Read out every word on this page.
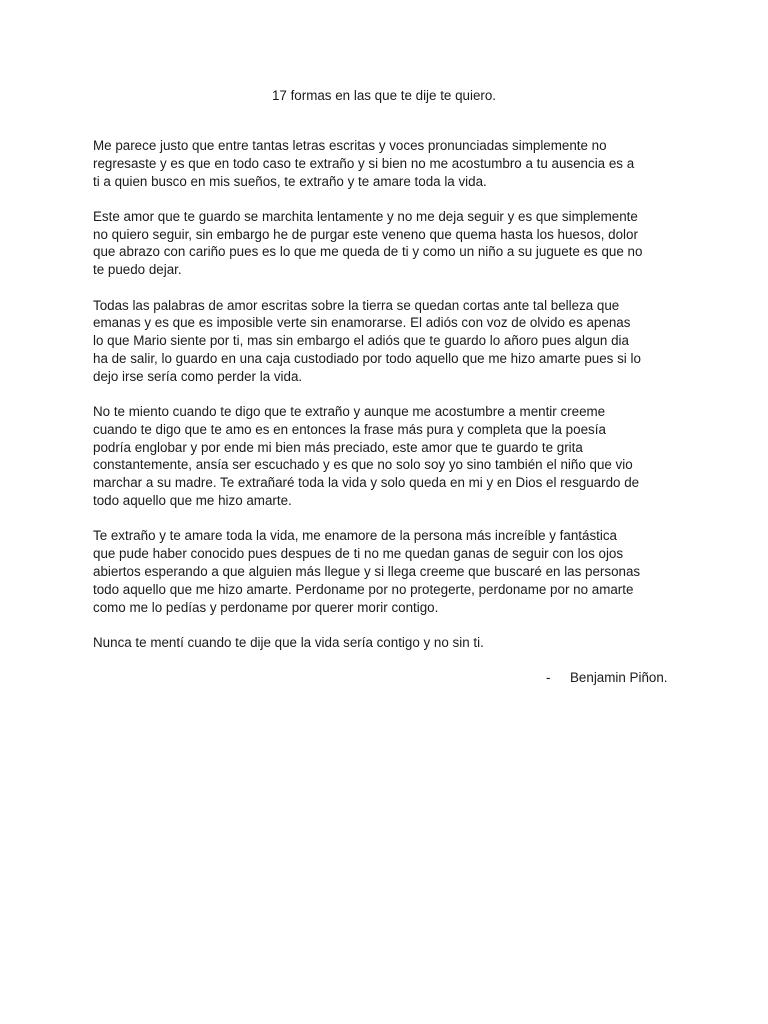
17 formas en las que te dije te quiero.

Me parece justo que entre tantas letras escritas y voces pronunciadas simplemente no
regresaste y es que en todo caso te extraño y si bien no me acostumbro a tu ausencia es a
ti a quien busco en mis sueños, te extraño y te amare toda la vida.

Este amor que te guardo se marchita lentamente y no me deja seguir y es que simplemente
no quiero seguir, sin embargo he de purgar este veneno que quema hasta los huesos, dolor
que abrazo con cariño pues es lo que me queda de ti y como un niño a su juguete es que no
te puedo dejar.

Todas las palabras de amor escritas sobre la tierra se quedan cortas ante tal belleza que
emanas y es que es imposible verte sin enamorarse. El adiós con voz de olvido es apenas
lo que Mario siente por ti, mas sin embargo el adiós que te guardo lo añoro pues algun dia
ha de salir, lo guardo en una caja custodiado por todo aquello que me hizo amarte pues si lo
dejo irse sería como perder la vida.

No te miento cuando te digo que te extraño y aunque me acostumbre a mentir creeme
cuando te digo que te amo es en entonces la frase más pura y completa que la poesía
podría englobar y por ende mi bien más preciado, este amor que te guardo te grita
constantemente, ansía ser escuchado y es que no solo soy yo sino también el niño que vio
marchar a su madre. Te extrañaré toda la vida y solo queda en mi y en Dios el resguardo de
todo aquello que me hizo amarte.

Te extraño y te amare toda la vida, me enamore de la persona más increíble y fantástica
que pude haber conocido pues despues de ti no me quedan ganas de seguir con los ojos
abiertos esperando a que alguien más llegue y si llega creeme que buscaré en las personas
todo aquello que me hizo amarte. Perdoname por no protegerte, perdoname por no amarte
como me lo pedías y perdoname por querer morir contigo.

Nunca te mentí cuando te dije que la vida sería contigo y no sin ti.

- Benjamin Piñon.
